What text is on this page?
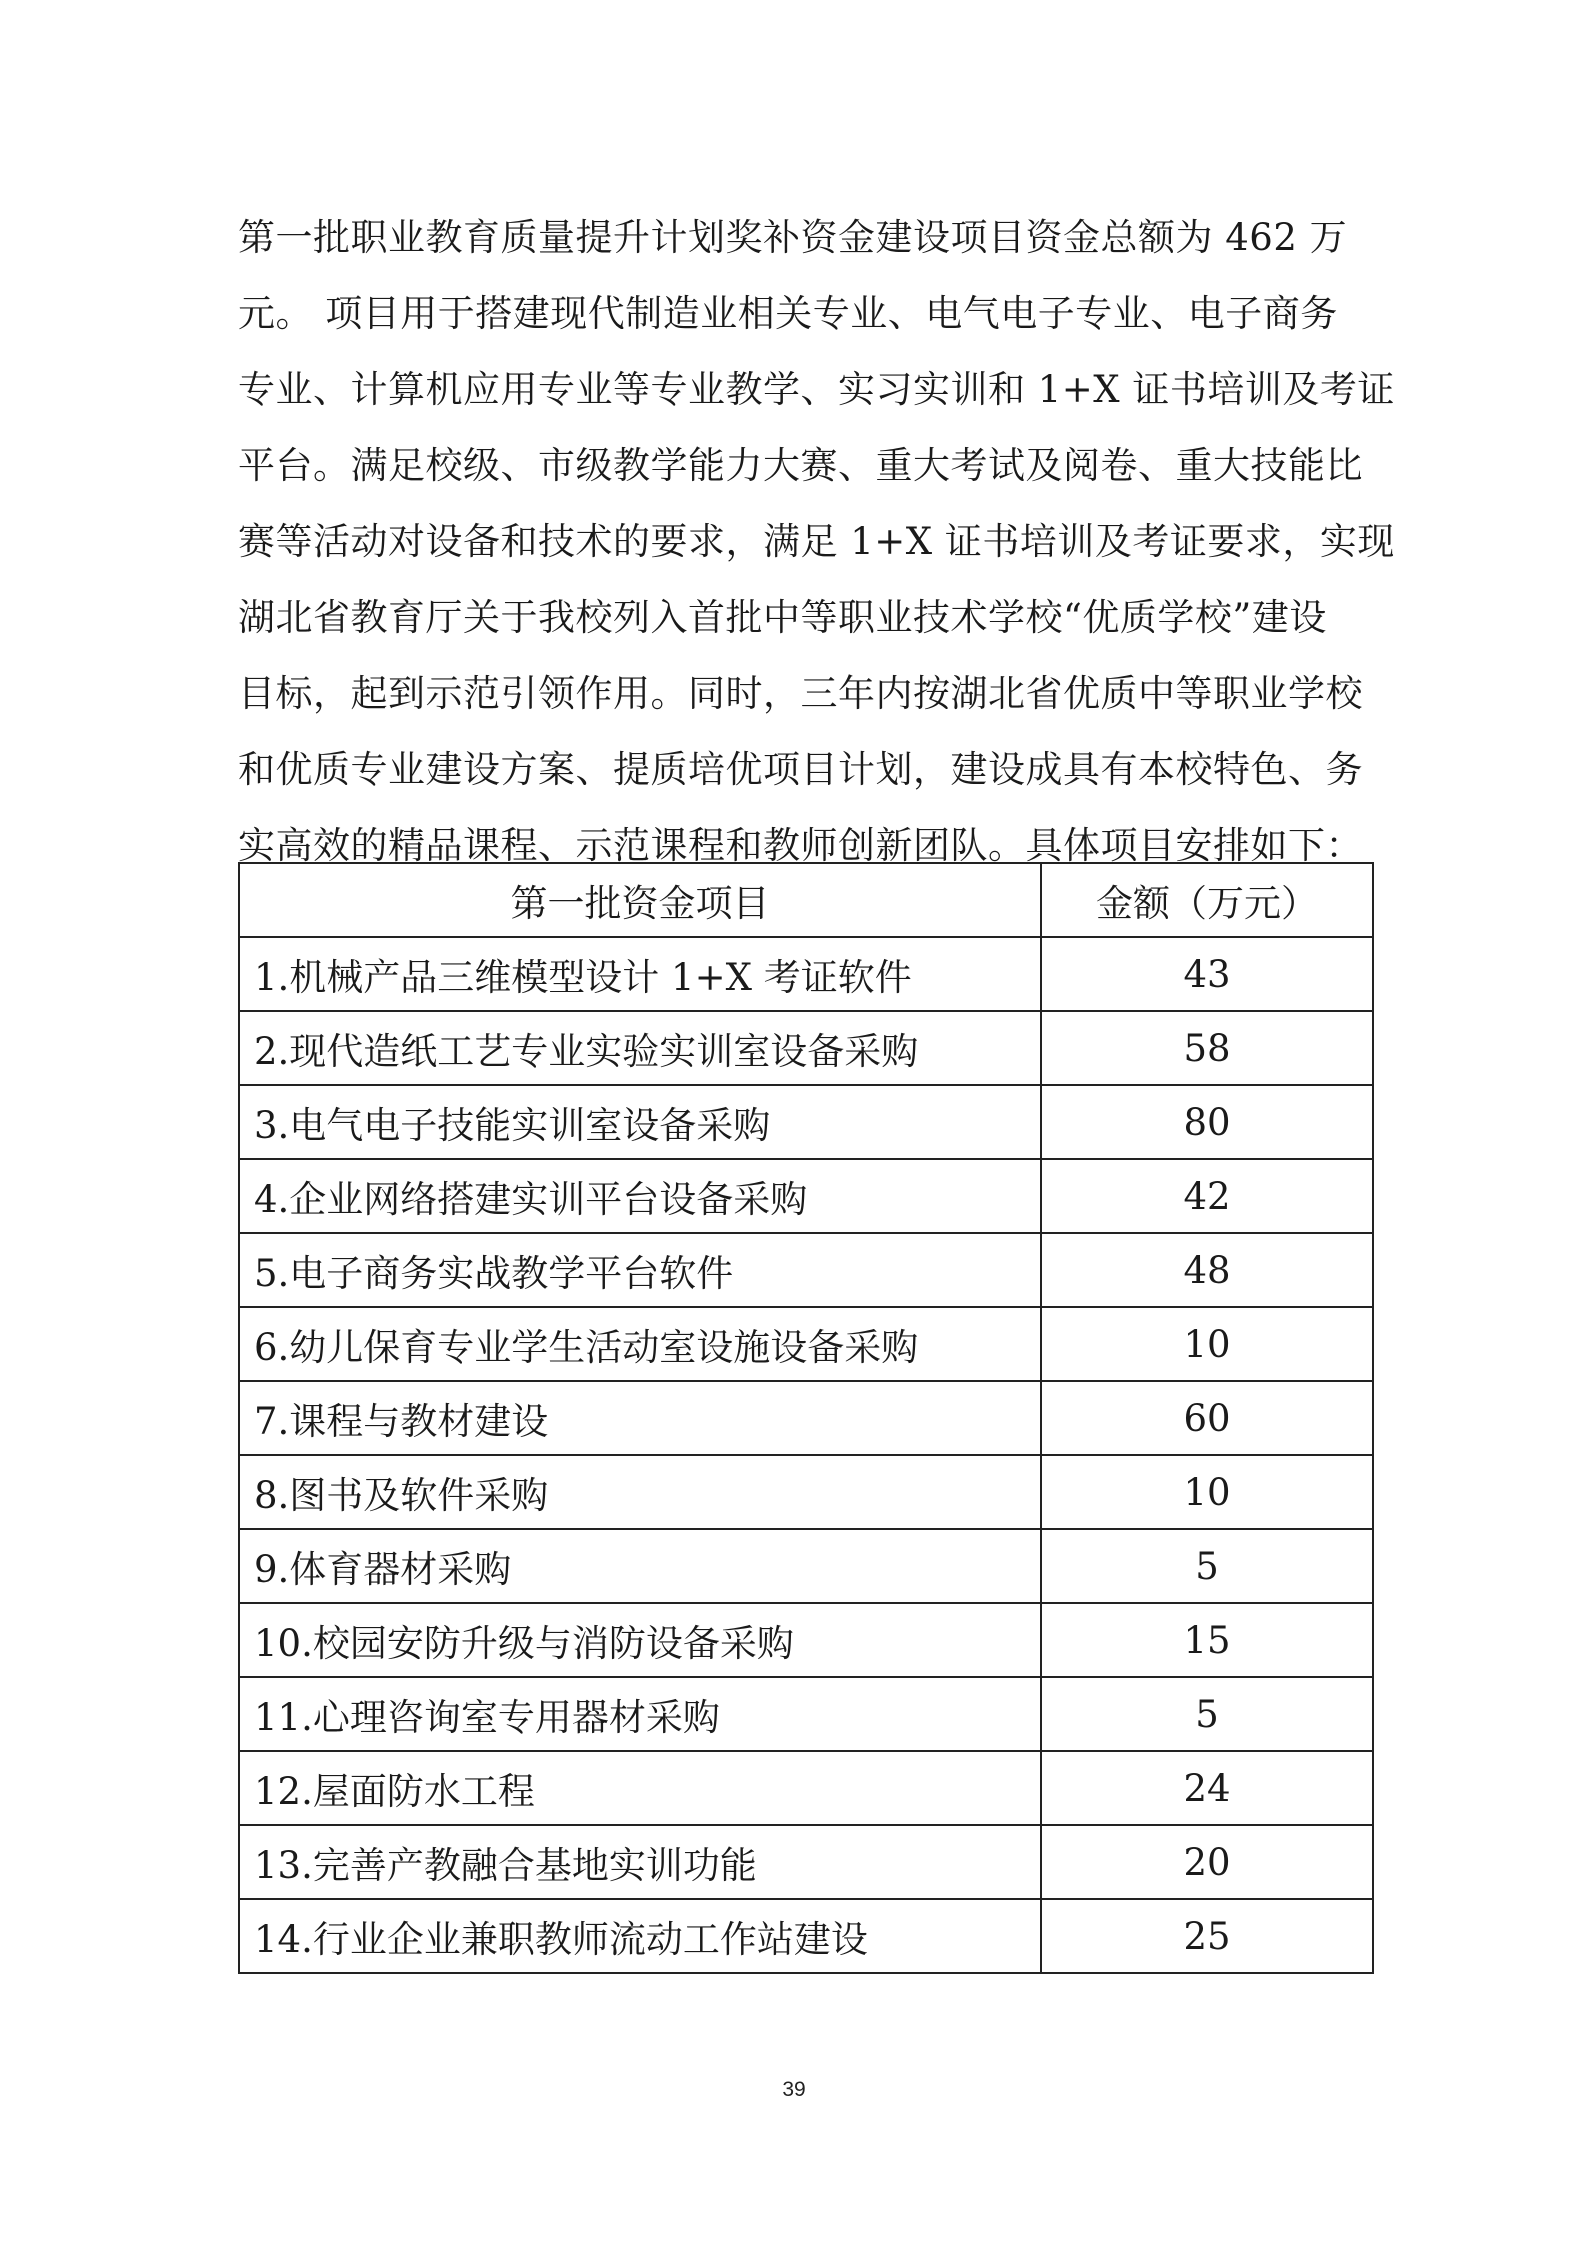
第一批职业教育质量提升计划奖补资金建设项目资金总额为 462 万
元。 项目用于搭建现代制造业相关专业、电气电子专业、电子商务
专业、计算机应用专业等专业教学、实习实训和 1+X 证书培训及考证
平台。满足校级、市级教学能力大赛、重大考试及阅卷、重大技能比
赛等活动对设备和技术的要求，满足 1+X 证书培训及考证要求，实现
湖北省教育厅关于我校列入首批中等职业技术学校“优质学校”建设
目标，起到示范引领作用。同时，三年内按湖北省优质中等职业学校
和优质专业建设方案、提质培优项目计划，建设成具有本校特色、务
实高效的精品课程、示范课程和教师创新团队。具体项目安排如下：
第一批资金项目	金额（万元）
1.机械产品三维模型设计 1+X 考证软件	43
2.现代造纸工艺专业实验实训室设备采购	58
3.电气电子技能实训室设备采购	80
4.企业网络搭建实训平台设备采购	42
5.电子商务实战教学平台软件	48
6.幼儿保育专业学生活动室设施设备采购	10
7.课程与教材建设	60
8.图书及软件采购	10
9.体育器材采购	5
10.校园安防升级与消防设备采购	15
11.心理咨询室专用器材采购	5
12.屋面防水工程	24
13.完善产教融合基地实训功能	20
14.行业企业兼职教师流动工作站建设	25
39
